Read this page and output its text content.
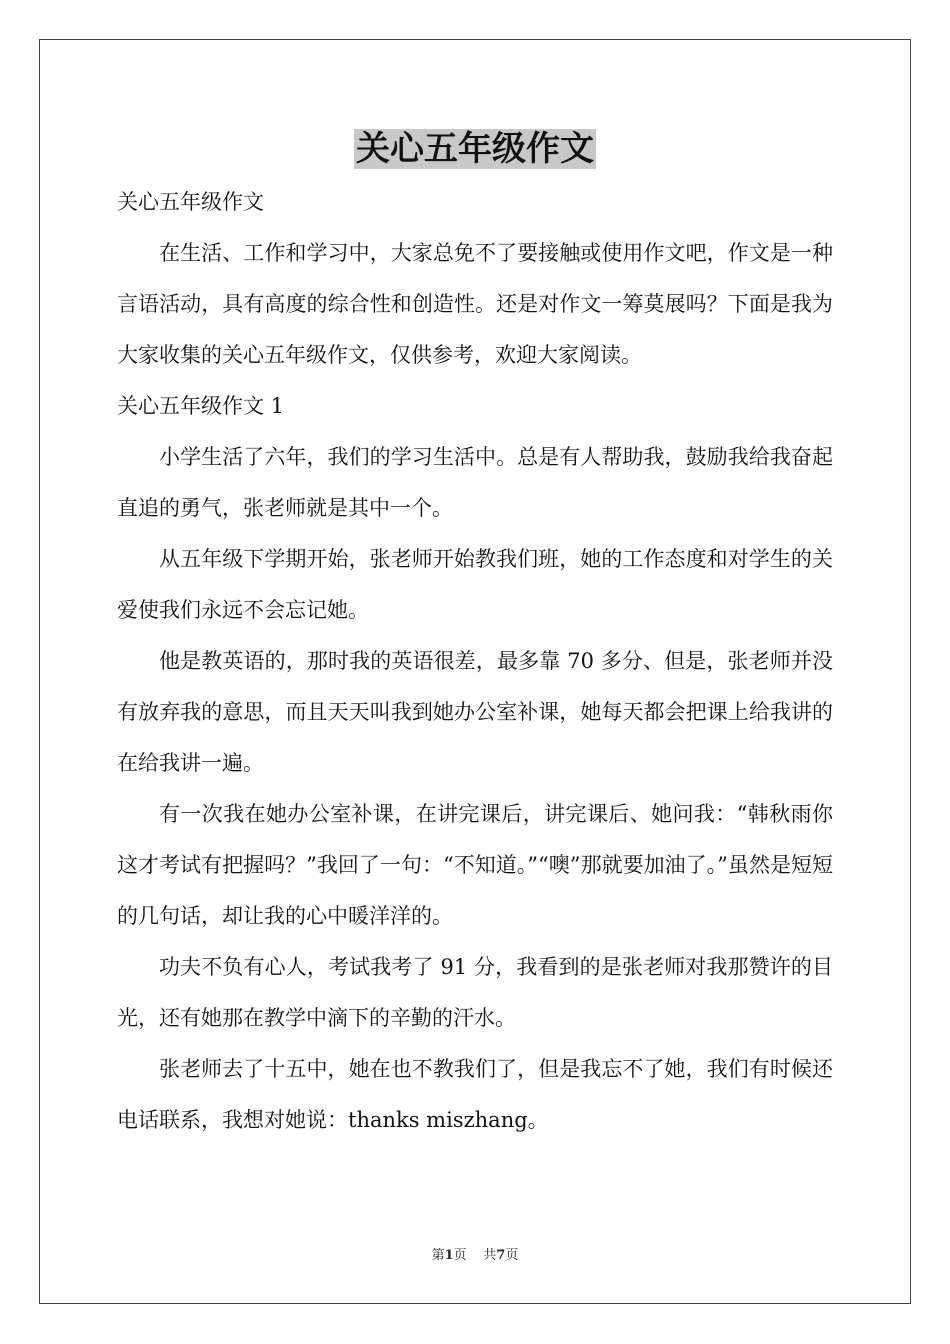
关心五年级作文

关心五年级作文

在生活、工作和学习中，大家总免不了要接触或使用作文吧，作文是一种言语活动，具有高度的综合性和创造性。还是对作文一筹莫展吗？下面是我为大家收集的关心五年级作文，仅供参考，欢迎大家阅读。

关心五年级作文 1

小学生活了六年，我们的学习生活中。总是有人帮助我，鼓励我给我奋起直追的勇气，张老师就是其中一个。

从五年级下学期开始，张老师开始教我们班，她的工作态度和对学生的关爱使我们永远不会忘记她。

他是教英语的，那时我的英语很差，最多靠 70 多分、但是，张老师并没有放弃我的意思，而且天天叫我到她办公室补课，她每天都会把课上给我讲的在给我讲一遍。

有一次我在她办公室补课，在讲完课后，讲完课后、她问我：“韩秋雨你这才考试有把握吗？”我回了一句：“不知道。”“噢”那就要加油了。”虽然是短短的几句话，却让我的心中暖洋洋的。

功夫不负有心人，考试我考了 91 分，我看到的是张老师对我那赞许的目光，还有她那在教学中滴下的辛勤的汗水。

张老师去了十五中，她在也不教我们了，但是我忘不了她，我们有时候还电话联系，我想对她说：thanks miszhang。

第1页 共7页
